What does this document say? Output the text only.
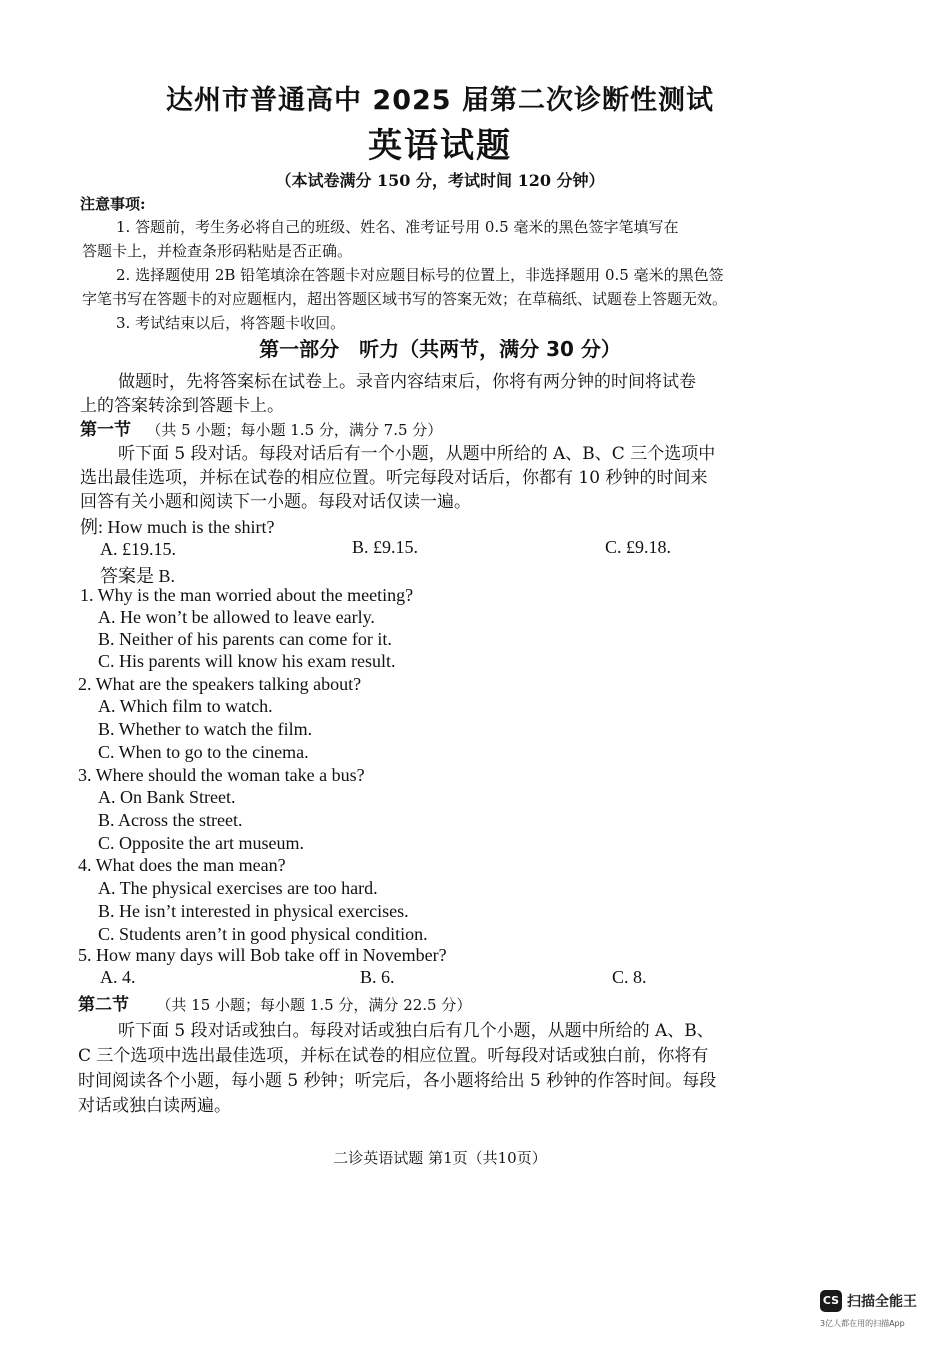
达州市普通高中 2025 届第二次诊断性测试
英语试题
（本试卷满分 150 分，考试时间 120 分钟）
注意事项:
1. 答题前，考生务必将自己的班级、姓名、准考证号用 0.5 毫米的黑色签字笔填写在
答题卡上，并检查条形码粘贴是否正确。
2. 选择题使用 2B 铅笔填涂在答题卡对应题目标号的位置上，非选择题用 0.5 毫米的黑色签
字笔书写在答题卡的对应题框内，超出答题区域书写的答案无效；在草稿纸、试题卷上答题无效。
3. 考试结束以后，将答题卡收回。
第一部分　听力（共两节，满分 30 分）
做题时，先将答案标在试卷上。录音内容结束后，你将有两分钟的时间将试卷
上的答案转涂到答题卡上。
第一节 （共 5 小题；每小题 1.5 分，满分 7.5 分）
听下面 5 段对话。每段对话后有一个小题，从题中所给的 A、B、C 三个选项中
选出最佳选项，并标在试卷的相应位置。听完每段对话后，你都有 10 秒钟的时间来
回答有关小题和阅读下一小题。每段对话仅读一遍。
例: How much is the shirt?
A. £19.15.	B. £9.15.	C. £9.18.
答案是 B.
1. Why is the man worried about the meeting?
A. He won’t be allowed to leave early.
B. Neither of his parents can come for it.
C. His parents will know his exam result.
2. What are the speakers talking about?
A. Which film to watch.
B. Whether to watch the film.
C. When to go to the cinema.
3. Where should the woman take a bus?
A. On Bank Street.
B. Across the street.
C. Opposite the art museum.
4. What does the man mean?
A. The physical exercises are too hard.
B. He isn’t interested in physical exercises.
C. Students aren’t in good physical condition.
5. How many days will Bob take off in November?
A. 4.	B. 6.	C. 8.
第二节 （共 15 小题；每小题 1.5 分，满分 22.5 分）
听下面 5 段对话或独白。每段对话或独白后有几个小题，从题中所给的 A、B、
C 三个选项中选出最佳选项，并标在试卷的相应位置。听每段对话或独白前，你将有
时间阅读各个小题，每小题 5 秒钟；听完后，各小题将给出 5 秒钟的作答时间。每段
对话或独白读两遍。
二诊英语试题 第1页（共10页）
CS 扫描全能王
3亿人都在用的扫描App
